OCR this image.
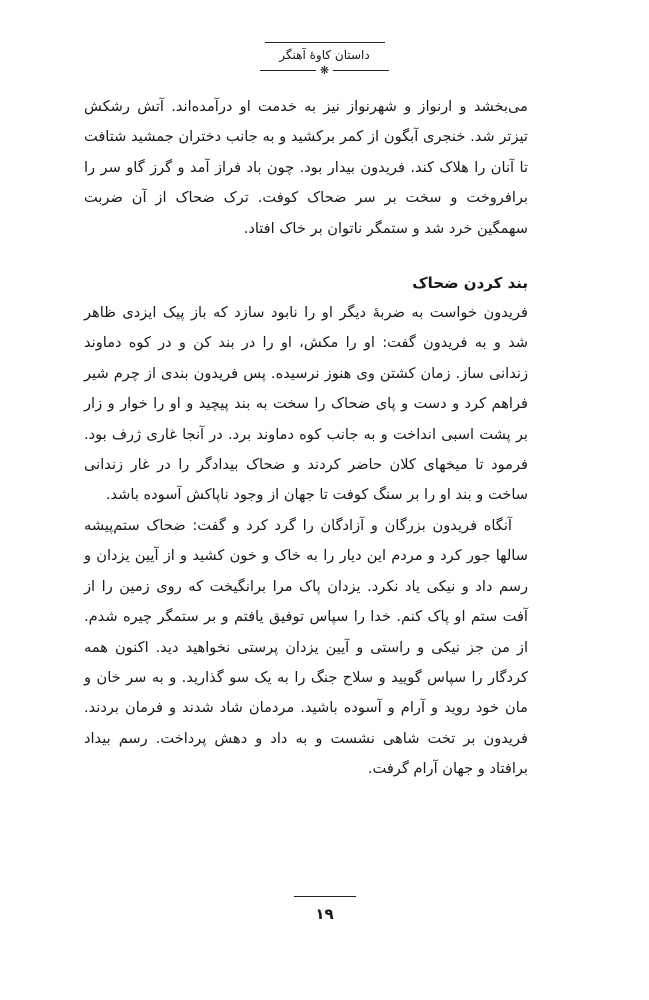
داستان کاوهٔ آهنگر
❋

می‌بخشد و ارنواز و شهرنواز نیز به خدمت او درآمده‌اند. آتش رشکش تیزتر شد. خنجری آبگون از کمر برکشید و به جانب دختران جمشید شتافت تا آنان را هلاک کند. فریدون بیدار بود. چون باد فراز آمد و گرز گاو سر را برافروخت و سخت بر سر ضحاک کوفت. ترک ضحاک از آن ضربت سهمگین خرد شد و ستمگر ناتوان بر خاک افتاد.

بند کردن ضحاک

فریدون خواست به ضربهٔ دیگر او را نابود سازد که باز پیک ایزدی ظاهر شد و به فریدون گفت: او را مکش، او را در بند کن و در کوه دماوند زندانی ساز. زمان کشتن وی هنوز نرسیده. پس فریدون بندی از چرم شیر فراهم کرد و دست و پای ضحاک را سخت به بند پیچید و او را خوار و زار بر پشت اسبی انداخت و به جانب کوه دماوند برد. در آنجا غاری ژرف بود. فرمود تا میخهای کلان حاضر کردند و ضحاک بیدادگر را در غار زندانی ساخت و بند او را بر سنگ کوفت تا جهان از وجود ناپاکش آسوده باشد.

آنگاه فریدون بزرگان و آزادگان را گرد کرد و گفت: ضحاک ستم‌پیشه سالها جور کرد و مردم این دیار را به خاک و خون کشید و از آیین یزدان و رسم داد و نیکی یاد نکرد. یزدان پاک مرا برانگیخت که روی زمین را از آفت ستم او پاک کنم. خدا را سپاس توفیق یافتم و بر ستمگر چیره شدم. از من جز نیکی و راستی و آیین یزدان پرستی نخواهید دید. اکنون همه کردگار را سپاس گویید و سلاح جنگ را به یک سو گذارید. و به سر خان و مان خود روید و آرام و آسوده باشید. مردمان شاد شدند و فرمان بردند. فریدون بر تخت شاهی نشست و به داد و دهش پرداخت. رسم بیداد برافتاد و جهان آرام گرفت.

۱۹
